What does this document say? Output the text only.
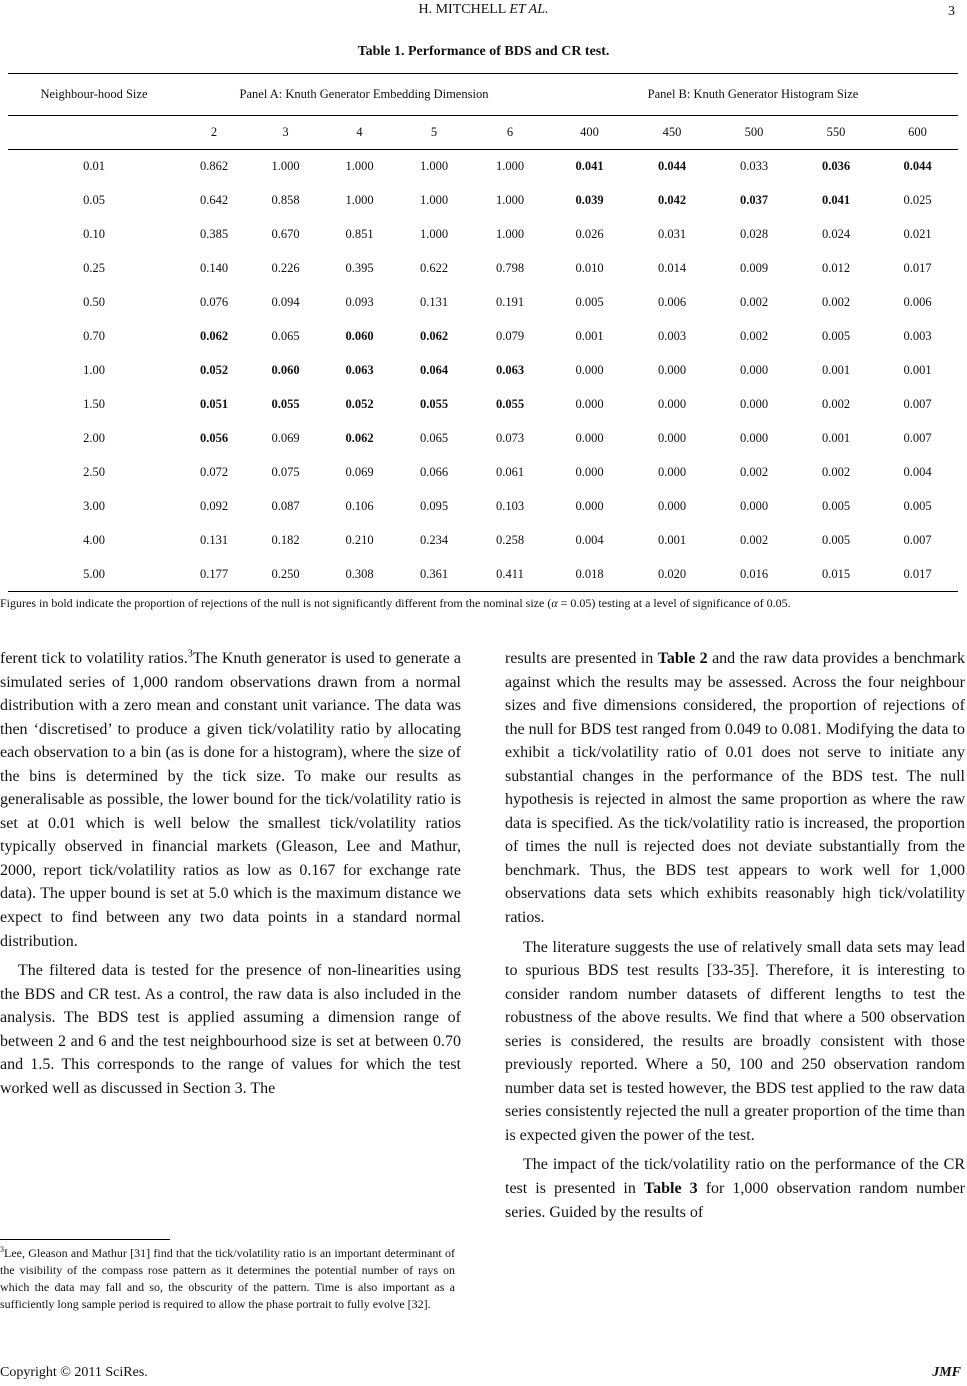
H. MITCHELL ET AL.	3
Table 1. Performance of BDS and CR test.
Neighbour-hood Size	Panel A: Knuth Generator Embedding Dimension					Panel B: Knuth Generator Histogram Size				
	2	3	4	5	6	400	450	500	550	600
0.01	0.862	1.000	1.000	1.000	1.000	0.041	0.044	0.033	0.036	0.044
0.05	0.642	0.858	1.000	1.000	1.000	0.039	0.042	0.037	0.041	0.025
0.10	0.385	0.670	0.851	1.000	1.000	0.026	0.031	0.028	0.024	0.021
0.25	0.140	0.226	0.395	0.622	0.798	0.010	0.014	0.009	0.012	0.017
0.50	0.076	0.094	0.093	0.131	0.191	0.005	0.006	0.002	0.002	0.006
0.70	0.062	0.065	0.060	0.062	0.079	0.001	0.003	0.002	0.005	0.003
1.00	0.052	0.060	0.063	0.064	0.063	0.000	0.000	0.000	0.001	0.001
1.50	0.051	0.055	0.052	0.055	0.055	0.000	0.000	0.000	0.002	0.007
2.00	0.056	0.069	0.062	0.065	0.073	0.000	0.000	0.000	0.001	0.007
2.50	0.072	0.075	0.069	0.066	0.061	0.000	0.000	0.002	0.002	0.004
3.00	0.092	0.087	0.106	0.095	0.103	0.000	0.000	0.000	0.005	0.005
4.00	0.131	0.182	0.210	0.234	0.258	0.004	0.001	0.002	0.005	0.007
5.00	0.177	0.250	0.308	0.361	0.411	0.018	0.020	0.016	0.015	0.017
Figures in bold indicate the proportion of rejections of the null is not significantly different from the nominal size (α = 0.05) testing at a level of significance of 0.05.

ferent tick to volatility ratios.$^3$The Knuth generator is used to generate a simulated series of 1,000 random observations drawn from a normal distribution with a zero mean and constant unit variance. The data was then ‘discretised’ to produce a given tick/volatility ratio by allocating each observation to a bin (as is done for a histogram), where the size of the bins is determined by the tick size. To make our results as generalisable as possible, the lower bound for the tick/volatility ratio is set at 0.01 which is well below the smallest tick/volatility ratios typically observed in financial markets (Gleason, Lee and Mathur, 2000, report tick/volatility ratios as low as 0.167 for exchange rate data). The upper bound is set at 5.0 which is the maximum distance we expect to find between any two data points in a standard normal distribution.

The filtered data is tested for the presence of non-linearities using the BDS and CR test. As a control, the raw data is also included in the analysis. The BDS test is applied assuming a dimension range of between 2 and 6 and the test neighbourhood size is set at between 0.70 and 1.5. This corresponds to the range of values for which the test worked well as discussed in Section 3. The

$^3$Lee, Gleason and Mathur [31] find that the tick/volatility ratio is an important determinant of the visibility of the compass rose pattern as it determines the potential number of rays on which the data may fall and so, the obscurity of the pattern. Time is also important as a sufficiently long sample period is required to allow the phase portrait to fully evolve [32].

results are presented in Table 2 and the raw data provides a benchmark against which the results may be assessed. Across the four neighbour sizes and five dimensions considered, the proportion of rejections of the null for BDS test ranged from 0.049 to 0.081. Modifying the data to exhibit a tick/volatility ratio of 0.01 does not serve to initiate any substantial changes in the performance of the BDS test. The null hypothesis is rejected in almost the same proportion as where the raw data is specified. As the tick/volatility ratio is increased, the proportion of times the null is rejected does not deviate substantially from the benchmark. Thus, the BDS test appears to work well for 1,000 observations data sets which exhibits reasonably high tick/volatility ratios.

The literature suggests the use of relatively small data sets may lead to spurious BDS test results [33-35]. Therefore, it is interesting to consider random number datasets of different lengths to test the robustness of the above results. We find that where a 500 observation series is considered, the results are broadly consistent with those previously reported. Where a 50, 100 and 250 observation random number data set is tested however, the BDS test applied to the raw data series consistently rejected the null a greater proportion of the time than is expected given the power of the test.

The impact of the tick/volatility ratio on the performance of the CR test is presented in Table 3 for 1,000 observation random number series. Guided by the results of

Copyright © 2011 SciRes.	JMF
